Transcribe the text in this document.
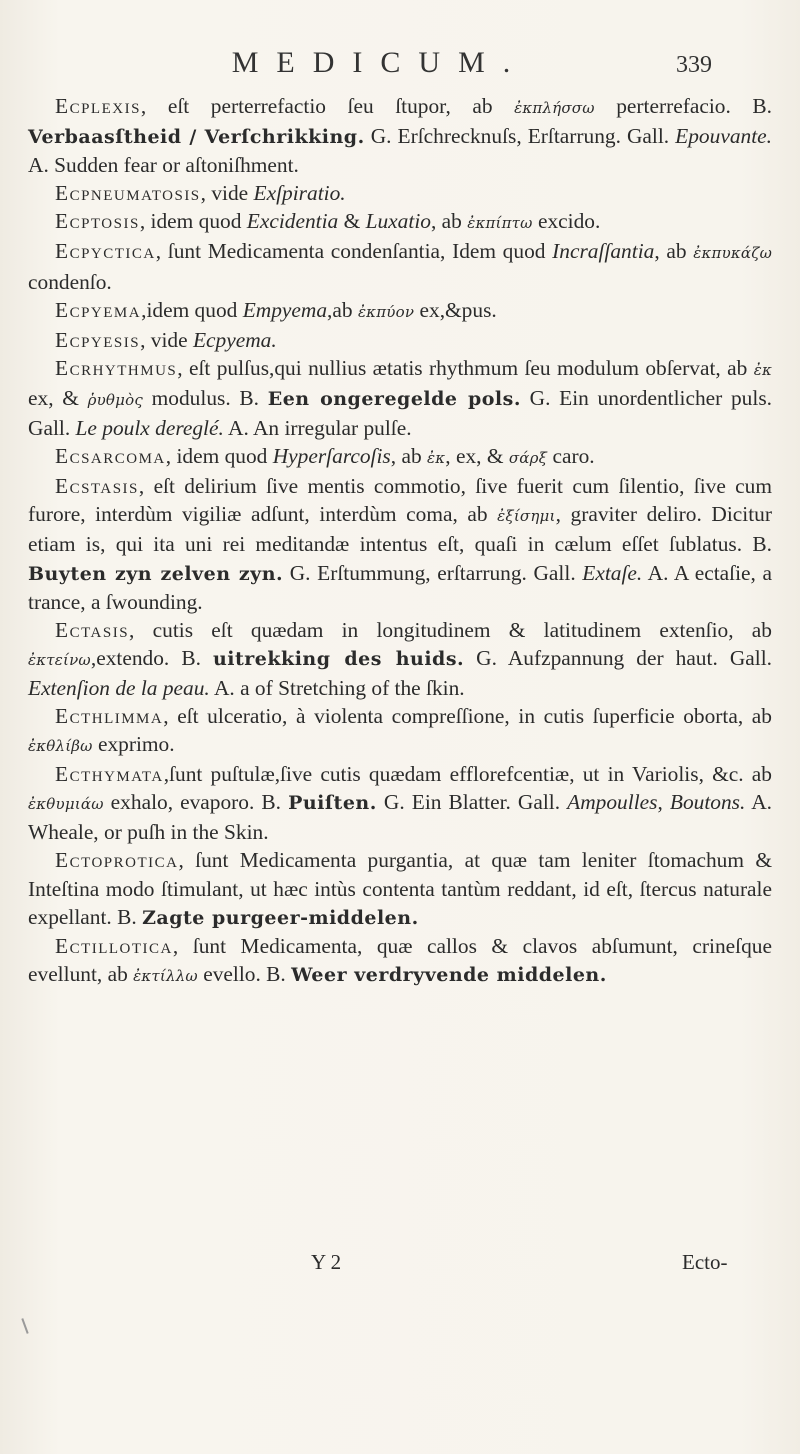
MEDICUM.	339

Ecplexis, eſt perterrefactio ſeu ſtupor, ab ἐκπλήσσω perterrefacio. B. Verbaasſtheid / Verſchrikking. G. Erſchrecknuſs, Erſtarrung. Gall. Epouvante. A. Sudden fear or aſtoniſhment.

Ecpneumatosis, vide Exſpiratio.

Ecptosis, idem quod Excidentia & Luxatio, ab ἐκπίπτω excido.

Ecpyctica, ſunt Medicamenta condenſantia, Idem quod Incraſſantia, ab ἐκπυκάζω condenſo.

Ecpyema,idem quod Empyema,ab ἐκπύον ex,&pus.

Ecpyesis, vide Ecpyema.

Ecrhythmus, eſt pulſus,qui nullius ætatis rhythmum ſeu modulum obſervat, ab ἐκ ex, & ῥυθμὸς modulus. B. Een ongeregelde pols. G. Ein unordentlicher puls. Gall. Le poulx dereglé. A. An irregular pulſe.

Ecsarcoma, idem quod Hyperſarcoſis, ab ἐκ, ex, & σάρξ caro.

Ecstasis, eſt delirium ſive mentis commotio, ſive fuerit cum ſilentio, ſive cum furore, interdùm vigiliæ adſunt, interdùm coma, ab ἐξίσημι, graviter deliro. Dicitur etiam is, qui ita uni rei meditandæ intentus eſt, quaſi in cælum eſſet ſublatus. B. Buyten zyn zelven zyn. G. Erſtummung, erſtarrung. Gall. Extaſe. A. A ectaſie, a trance, a ſwounding.

Ectasis, cutis eſt quædam in longitudinem & latitudinem extenſio, ab ἐκτείνω,extendo. B. uitrekking des huids. G. Aufzpannung der haut. Gall. Extenſion de la peau. A. a of Stretching of the ſkin.

Ecthlimma, eſt ulceratio, à violenta compreſſione, in cutis ſuperficie oborta, ab ἐκθλίβω exprimo.

Ecthymata,ſunt puſtulæ,ſive cutis quædam efflorefcentiæ, ut in Variolis, &c. ab ἐκθυμιάω exhalo, evaporo. B. Puiſten. G. Ein Blatter. Gall. Ampoulles, Boutons. A. Wheale, or puſh in the Skin.

Ectoprotica, ſunt Medicamenta purgantia, at quæ tam leniter ſtomachum & Inteſtina modo ſtimulant, ut hæc intùs contenta tantùm reddant, id eſt, ſtercus naturale expellant. B. Zagte purgeer-middelen.

Ectillotica, ſunt Medicamenta, quæ callos & clavos abſumunt, crineſque evellunt, ab ἐκτίλλω evello. B. Weer verdryvende middelen.

Y 2	Ecto-
